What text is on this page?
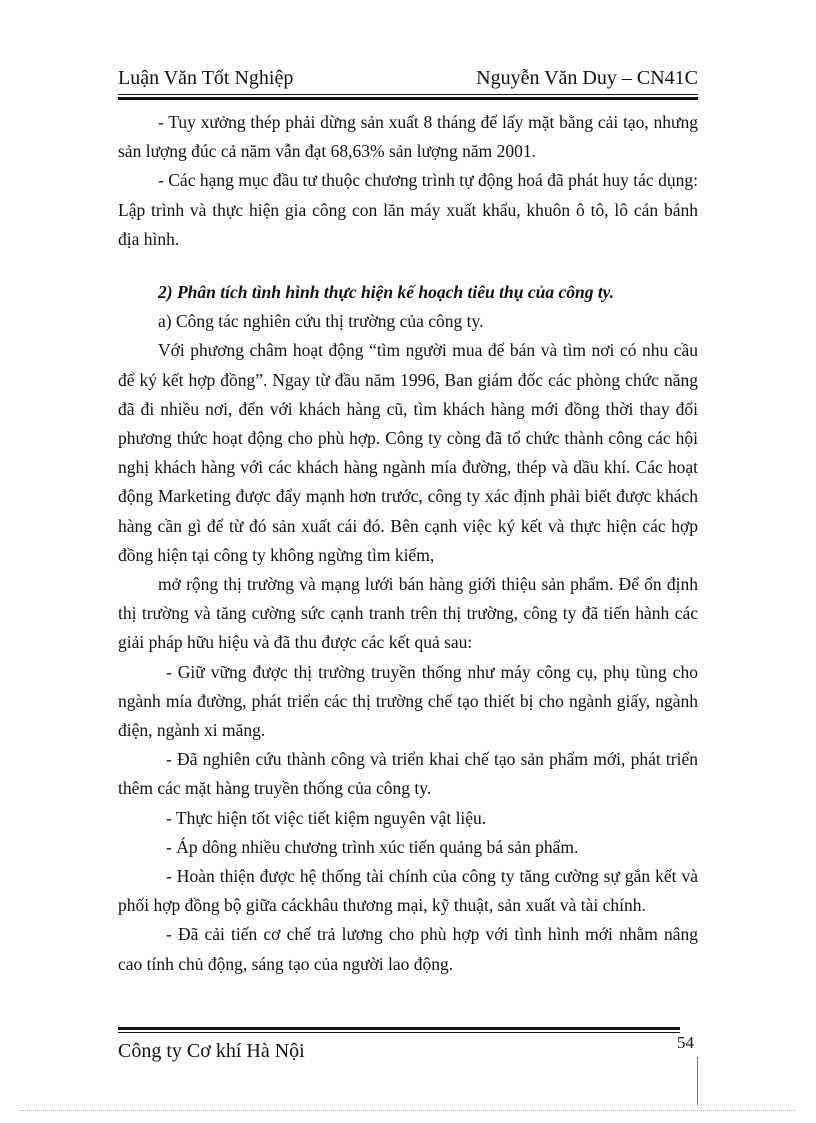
Luận Văn Tốt Nghiệp	Nguyễn Văn Duy – CN41C

- Tuy xưởng thép phải dừng sản xuất 8 tháng để lấy mặt bằng cải tạo, nhưng sản lượng đúc cả năm vẫn đạt 68,63% sản lượng năm 2001.

- Các hạng mục đầu tư thuộc chương trình tự động hoá đã phát huy tác dụng: Lập trình và thực hiện gia công con lăn máy xuất khẩu, khuôn ô tô, lô cán bánh địa hình.

2) Phân tích tình hình thực hiện kế hoạch tiêu thụ của công ty.

a) Công tác nghiên cứu thị trường của công ty.

Với phương châm hoạt động “tìm người mua để bán và tìm nơi có nhu cầu để ký kết hợp đồng”. Ngay từ đầu năm 1996, Ban giám đốc các phòng chức năng đã đi nhiều nơi, đến với khách hàng cũ, tìm khách hàng mới đồng thời thay đổi phương thức hoạt động cho phù hợp. Công ty còng đã tổ chức thành công các hội nghị khách hàng với các khách hàng ngành mía đường, thép và dầu khí. Các hoạt động Marketing được đẩy mạnh hơn trước, công ty xác định phải biết được khách hàng cần gì để từ đó sản xuất cái đó. Bên cạnh việc ký kết và thực hiện các hợp đồng hiện tại công ty không ngừng tìm kiếm,

mở rộng thị trường và mạng lưới bán hàng giới thiệu sản phẩm. Để ổn định thị trường và tăng cường sức cạnh tranh trên thị trường, công ty đã tiến hành các giải pháp hữu hiệu và đã thu được các kết quả sau:

- Giữ vững được thị trường truyền thống như máy công cụ, phụ tùng cho ngành mía đường, phát triển các thị trường chế tạo thiết bị cho ngành giấy, ngành điện, ngành xi măng.

- Đã nghiên cứu thành công và triển khai chế tạo sản phẩm mới, phát triển thêm các mặt hàng truyền thống của công ty.

- Thực hiện tốt việc tiết kiệm nguyên vật liệu.

- Áp dông nhiều chương trình xúc tiến quảng bá sản phẩm.

- Hoàn thiện được hệ thống tài chính của công ty tăng cường sự gắn kết và phối hợp đồng bộ giữa cáckhâu thương mại, kỹ thuật, sản xuất và tài chính.

- Đã cải tiến cơ chế trả lương cho phù hợp với tình hình mới nhằm nâng cao tính chủ động, sáng tạo của người lao động.

Công ty Cơ khí Hà Nội	54
